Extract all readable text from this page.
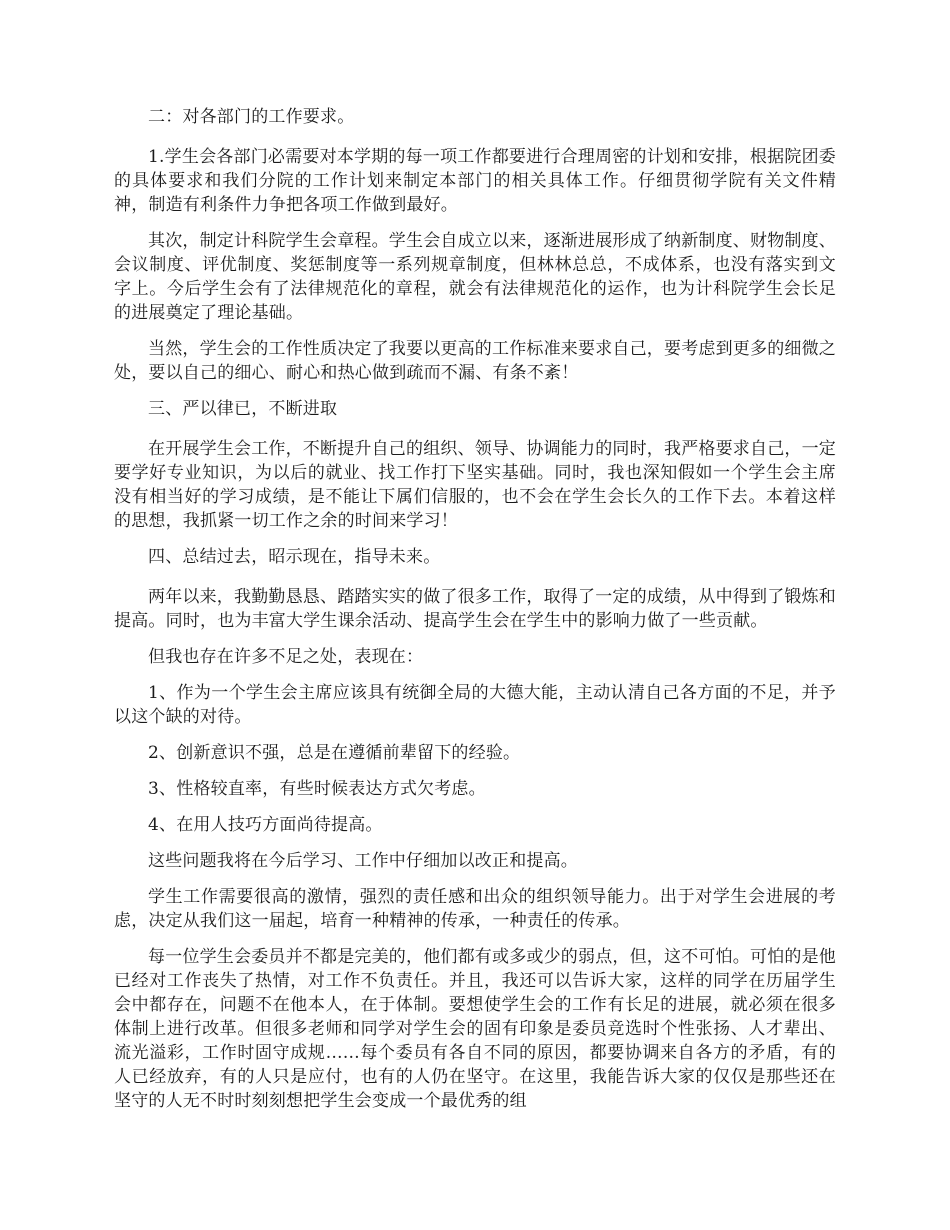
二：对各部门的工作要求。

1.学生会各部门必需要对本学期的每一项工作都要进行合理周密的计划和安排，根据院团委的具体要求和我们分院的工作计划来制定本部门的相关具体工作。仔细贯彻学院有关文件精神，制造有利条件力争把各项工作做到最好。

其次，制定计科院学生会章程。学生会自成立以来，逐渐进展形成了纳新制度、财物制度、会议制度、评优制度、奖惩制度等一系列规章制度，但林林总总，不成体系，也没有落实到文字上。今后学生会有了法律规范化的章程，就会有法律规范化的运作，也为计科院学生会长足的进展奠定了理论基础。

当然，学生会的工作性质决定了我要以更高的工作标准来要求自己，要考虑到更多的细微之处，要以自己的细心、耐心和热心做到疏而不漏、有条不紊！

三、严以律已，不断进取

在开展学生会工作，不断提升自己的组织、领导、协调能力的同时，我严格要求自己，一定要学好专业知识，为以后的就业、找工作打下坚实基础。同时，我也深知假如一个学生会主席没有相当好的学习成绩，是不能让下属们信服的，也不会在学生会长久的工作下去。本着这样的思想，我抓紧一切工作之余的时间来学习！

四、总结过去，昭示现在，指导未来。

两年以来，我勤勤恳恳、踏踏实实的做了很多工作，取得了一定的成绩，从中得到了锻炼和提高。同时，也为丰富大学生课余活动、提高学生会在学生中的影响力做了一些贡献。

但我也存在许多不足之处，表现在：

1、作为一个学生会主席应该具有统御全局的大德大能，主动认清自己各方面的不足，并予以这个缺的对待。

2、创新意识不强，总是在遵循前辈留下的经验。

3、性格较直率，有些时候表达方式欠考虑。

4、在用人技巧方面尚待提高。

这些问题我将在今后学习、工作中仔细加以改正和提高。

学生工作需要很高的激情，强烈的责任感和出众的组织领导能力。出于对学生会进展的考虑，决定从我们这一届起，培育一种精神的传承，一种责任的传承。

每一位学生会委员并不都是完美的，他们都有或多或少的弱点，但，这不可怕。可怕的是他已经对工作丧失了热情，对工作不负责任。并且，我还可以告诉大家，这样的同学在历届学生会中都存在，问题不在他本人，在于体制。要想使学生会的工作有长足的进展，就必须在很多体制上进行改革。但很多老师和同学对学生会的固有印象是委员竞选时个性张扬、人才辈出、流光溢彩，工作时固守成规……每个委员有各自不同的原因，都要协调来自各方的矛盾，有的人已经放弃，有的人只是应付，也有的人仍在坚守。在这里，我能告诉大家的仅仅是那些还在坚守的人无不时时刻刻想把学生会变成一个最优秀的组
